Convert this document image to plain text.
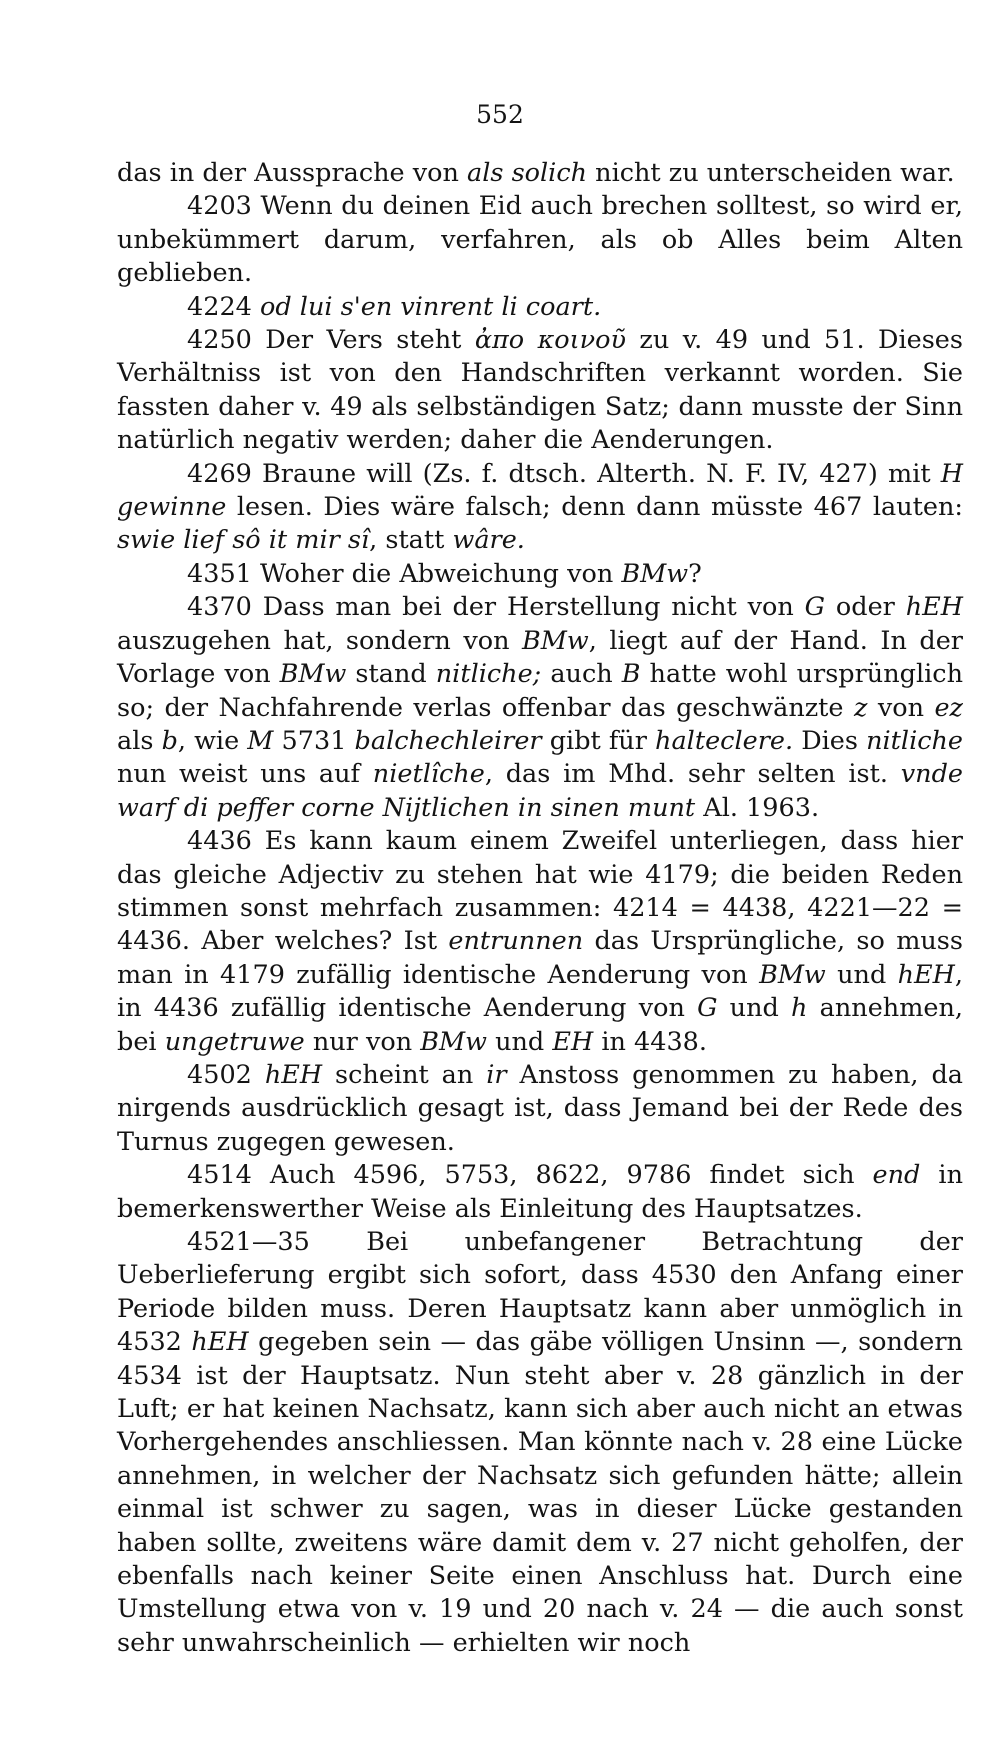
552

das in der Aussprache von als solich nicht zu unterscheiden war.

4203 Wenn du deinen Eid auch brechen solltest, so wird er, unbekümmert darum, verfahren, als ob Alles beim Alten geblieben.

4224 od lui s'en vinrent li coart.

4250 Der Vers steht ἀπο κοινοῦ zu v. 49 und 51. Dieses Verhältniss ist von den Handschriften verkannt worden. Sie fassten daher v. 49 als selbständigen Satz; dann musste der Sinn natürlich negativ werden; daher die Aenderungen.

4269 Braune will (Zs. f. dtsch. Alterth. N. F. IV, 427) mit H gewinne lesen. Dies wäre falsch; denn dann müsste 467 lauten: swie lief sô it mir sî, statt wâre.

4351 Woher die Abweichung von BMw?

4370 Dass man bei der Herstellung nicht von G oder hEH auszugehen hat, sondern von BMw, liegt auf der Hand. In der Vorlage von BMw stand nitliche; auch B hatte wohl ursprünglich so; der Nachfahrende verlas offenbar das geschwänzte z von ez als b, wie M 5731 balchechleirer gibt für halteclere. Dies nitliche nun weist uns auf nietlîche, das im Mhd. sehr selten ist. vnde warf di peffer corne Nijtlichen in sinen munt Al. 1963.

4436 Es kann kaum einem Zweifel unterliegen, dass hier das gleiche Adjectiv zu stehen hat wie 4179; die beiden Reden stimmen sonst mehrfach zusammen: 4214 = 4438, 4221—22 = 4436. Aber welches? Ist entrunnen das Ursprüngliche, so muss man in 4179 zufällig identische Aenderung von BMw und hEH, in 4436 zufällig identische Aenderung von G und h annehmen, bei ungetruwe nur von BMw und EH in 4438.

4502 hEH scheint an ir Anstoss genommen zu haben, da nirgends ausdrücklich gesagt ist, dass Jemand bei der Rede des Turnus zugegen gewesen.

4514 Auch 4596, 5753, 8622, 9786 findet sich end in bemerkenswerther Weise als Einleitung des Hauptsatzes.

4521—35 Bei unbefangener Betrachtung der Ueberlieferung ergibt sich sofort, dass 4530 den Anfang einer Periode bilden muss. Deren Hauptsatz kann aber unmöglich in 4532 hEH gegeben sein — das gäbe völligen Unsinn —, sondern 4534 ist der Hauptsatz. Nun steht aber v. 28 gänzlich in der Luft; er hat keinen Nachsatz, kann sich aber auch nicht an etwas Vorhergehendes anschliessen. Man könnte nach v. 28 eine Lücke annehmen, in welcher der Nachsatz sich gefunden hätte; allein einmal ist schwer zu sagen, was in dieser Lücke gestanden haben sollte, zweitens wäre damit dem v. 27 nicht geholfen, der ebenfalls nach keiner Seite einen Anschluss hat. Durch eine Umstellung etwa von v. 19 und 20 nach v. 24 — die auch sonst sehr unwahrscheinlich — erhielten wir noch
